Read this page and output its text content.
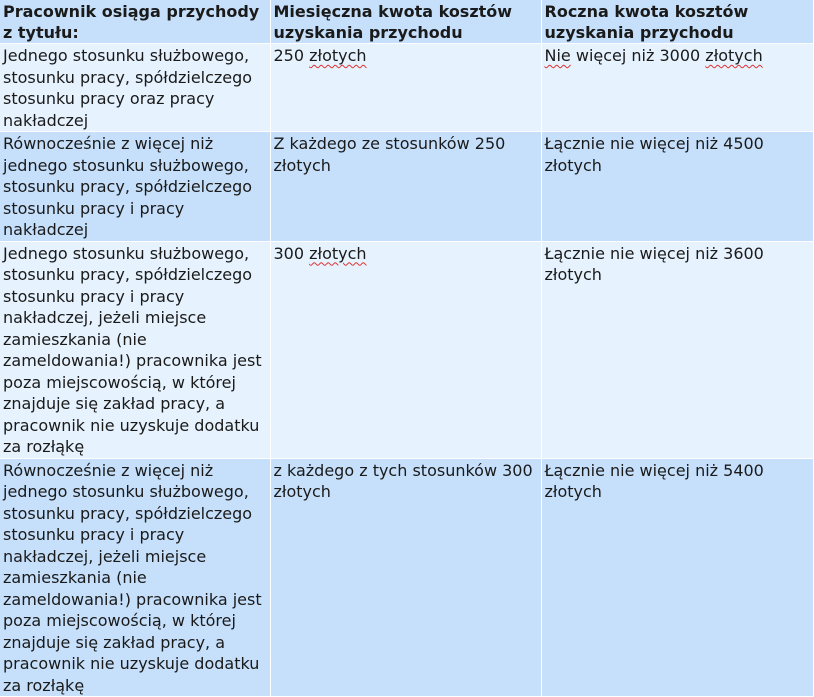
Pracownik osiąga przychody z tytułu:	Miesięczna kwota kosztów uzyskania przychodu	Roczna kwota kosztów uzyskania przychodu
Jednego stosunku służbowego, stosunku pracy, spółdzielczego stosunku pracy oraz pracy nakładczej	250 złotych	Nie więcej niż 3000 złotych
Równocześnie z więcej niż jednego stosunku służbowego, stosunku pracy, spółdzielczego stosunku pracy i pracy nakładczej	Z każdego ze stosunków 250 złotych	Łącznie nie więcej niż 4500 złotych
Jednego stosunku służbowego, stosunku pracy, spółdzielczego stosunku pracy i pracy nakładczej, jeżeli miejsce zamieszkania (nie zameldowania!) pracownika jest poza miejscowością, w której znajduje się zakład pracy, a pracownik nie uzyskuje dodatku za rozłąkę	300 złotych	Łącznie nie więcej niż 3600 złotych
Równocześnie z więcej niż jednego stosunku służbowego, stosunku pracy, spółdzielczego stosunku pracy i pracy nakładczej, jeżeli miejsce zamieszkania (nie zameldowania!) pracownika jest poza miejscowością, w której znajduje się zakład pracy, a pracownik nie uzyskuje dodatku za rozłąkę	z każdego z tych stosunków 300 złotych	Łącznie nie więcej niż 5400 złotych
